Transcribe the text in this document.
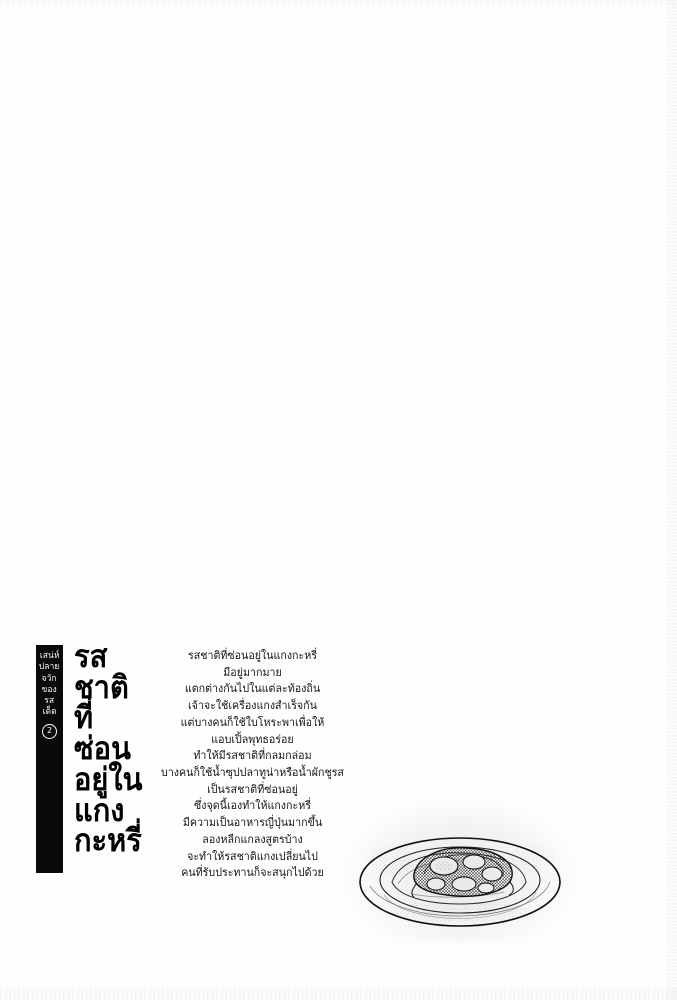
เสน่ห์
ปลาย
จวัก
ของ
รส
เด็ด
2
รส
ชาติ
ที่
ซ่อน
อยู่ใน
แกง
กะหรี่
รสชาติที่ซ่อนอยู่ในแกงกะหรี่
มีอยู่มากมาย
แตกต่างกันไปในแต่ละท้องถิ่น
เจ้าจะใช้เครื่องแกงสำเร็จกัน
แต่บางคนก็ใช้ใบโหระพาเพื่อให้
แอบเปิ้ลพุทธอร่อย
ทำให้มีรสชาติที่กลมกล่อม
บางคนก็ใช้น้ำซุปปลาทูน่าหรือน้ำผักชูรส
เป็นรสชาติที่ซ่อนอยู่
ซึ่งจุดนี้เองทำให้แกงกะหรี่
มีความเป็นอาหารญี่ปุ่นมากขึ้น
ลองหลีกแกลงสูตรบ้าง
จะทำให้รสชาติแกงเปลี่ยนไป
คนที่รับประทานก็จะสนุกไปด้วย
